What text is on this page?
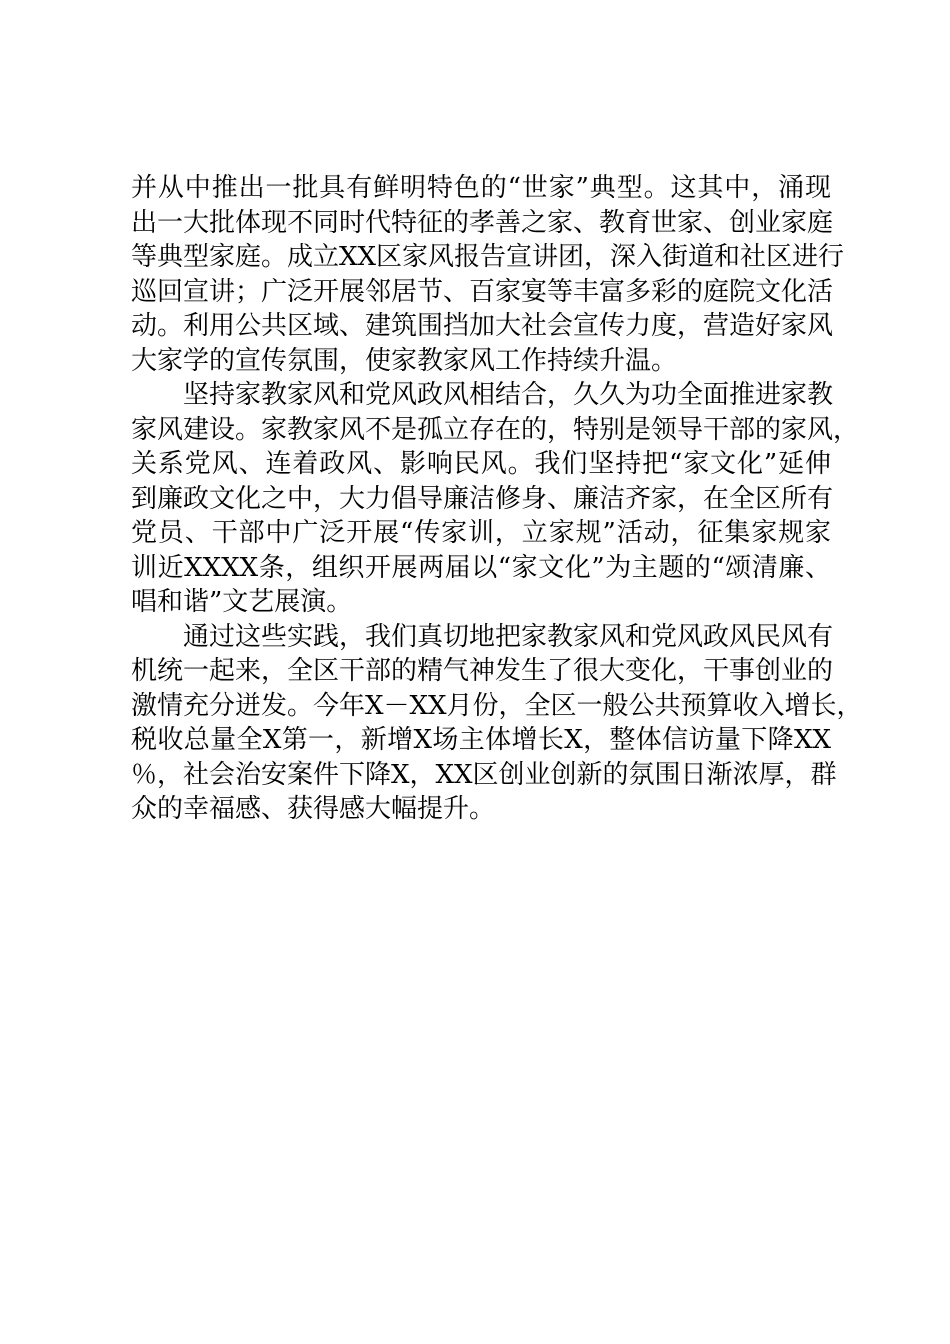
并从中推出一批具有鲜明特色的“世家”典型。这其中，涌现
出一大批体现不同时代特征的孝善之家、教育世家、创业家庭
等典型家庭。成立XX区家风报告宣讲团，深入街道和社区进行
巡回宣讲；广泛开展邻居节、百家宴等丰富多彩的庭院文化活
动。利用公共区域、建筑围挡加大社会宣传力度，营造好家风
大家学的宣传氛围，使家教家风工作持续升温。
坚持家教家风和党风政风相结合，久久为功全面推进家教
家风建设。家教家风不是孤立存在的，特别是领导干部的家风，
关系党风、连着政风、影响民风。我们坚持把“家文化”延伸
到廉政文化之中，大力倡导廉洁修身、廉洁齐家，在全区所有
党员、干部中广泛开展“传家训，立家规”活动，征集家规家
训近XXXX条，组织开展两届以“家文化”为主题的“颂清廉、
唱和谐”文艺展演。
通过这些实践，我们真切地把家教家风和党风政风民风有
机统一起来，全区干部的精气神发生了很大变化，干事创业的
激情充分迸发。今年X－XX月份，全区一般公共预算收入增长，
税收总量全X第一，新增X场主体增长X，整体信访量下降XX
％，社会治安案件下降X，XX区创业创新的氛围日渐浓厚，群
众的幸福感、获得感大幅提升。
